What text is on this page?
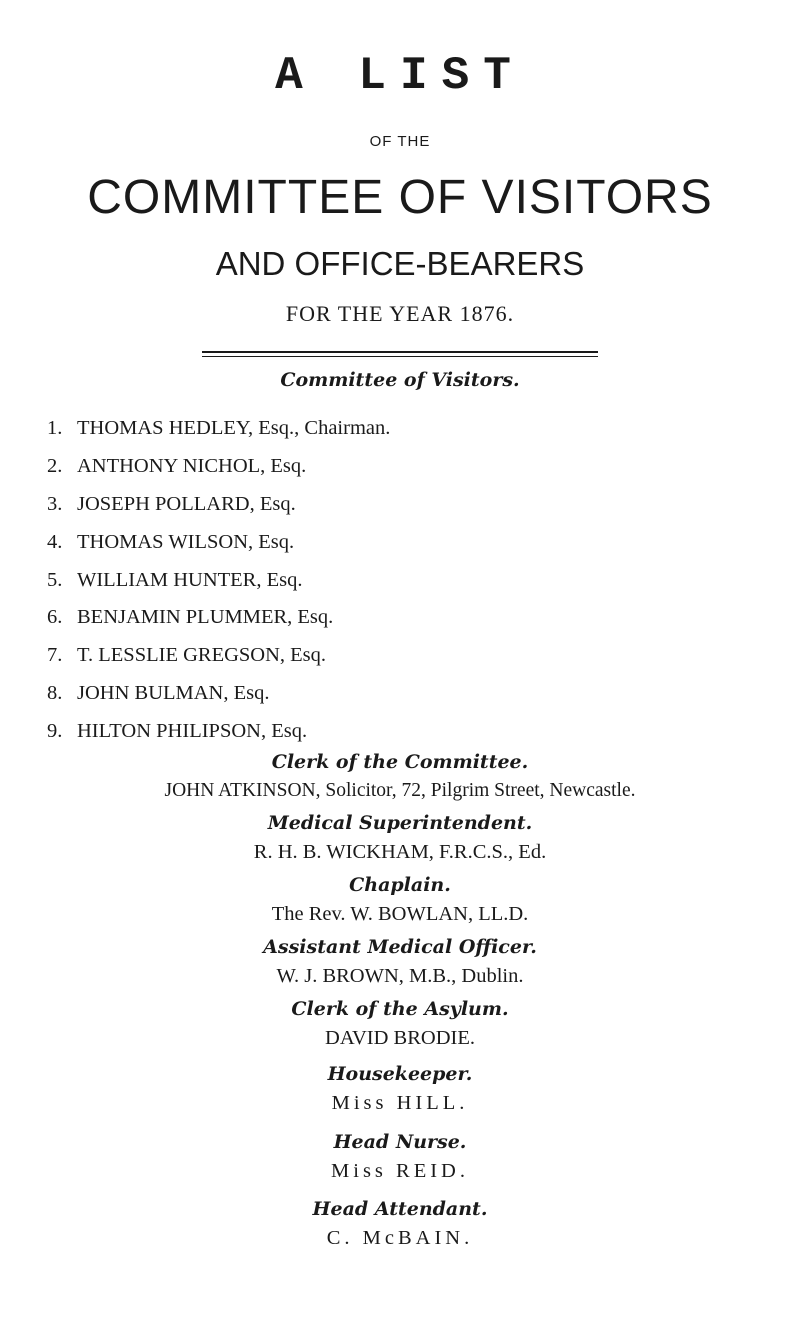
A LIST
OF THE
COMMITTEE OF VISITORS
AND OFFICE-BEARERS
FOR THE YEAR 1876.
Committee of Visitors.
1. THOMAS HEDLEY, Esq., Chairman.
2. ANTHONY NICHOL, Esq.
3. JOSEPH POLLARD, Esq.
4. THOMAS WILSON, Esq.
5. WILLIAM HUNTER, Esq.
6. BENJAMIN PLUMMER, Esq.
7. T. LESSLIE GREGSON, Esq.
8. JOHN BULMAN, Esq.
9. HILTON PHILIPSON, Esq.
Clerk of the Committee.
JOHN ATKINSON, Solicitor, 72, Pilgrim Street, Newcastle.
Medical Superintendent.
R. H. B. WICKHAM, F.R.C.S., Ed.
Chaplain.
The Rev. W. BOWLAN, LL.D.
Assistant Medical Officer.
W. J. BROWN, M.B., Dublin.
Clerk of the Asylum.
DAVID BRODIE.
Housekeeper.
Miss HILL.
Head Nurse.
Miss REID.
Head Attendant.
C. McBAIN.
